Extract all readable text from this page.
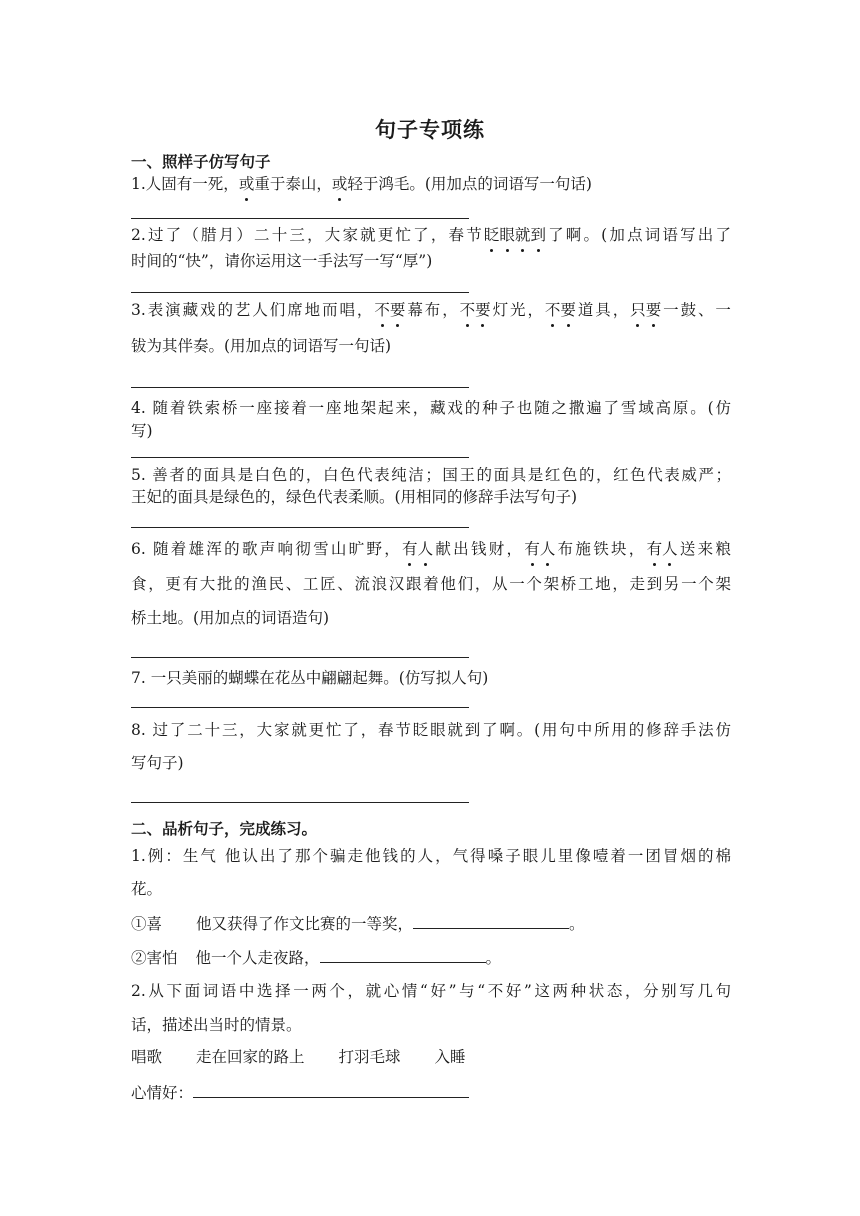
句子专项练
一、照样子仿写句子
1.人固有一死，或重于泰山，或轻于鸿毛。(用加点的词语写一句话)
2.过了（腊月）二十三，大家就更忙了，春节眨眼就到了啊。(加点词语写出了
时间的“快”，请你运用这一手法写一写“厚”)
3.表演藏戏的艺人们席地而唱，不要幕布，不要灯光，不要道具，只要一鼓、一
钹为其伴奏。(用加点的词语写一句话)
4. 随着铁索桥一座接着一座地架起来，藏戏的种子也随之撒遍了雪域高原。(仿
写)
5. 善者的面具是白色的，白色代表纯洁；国王的面具是红色的，红色代表威严；
王妃的面具是绿色的，绿色代表柔顺。(用相同的修辞手法写句子)
6. 随着雄浑的歌声响彻雪山旷野，有人献出钱财，有人布施铁块，有人送来粮
食，更有大批的渔民、工匠、流浪汉跟着他们，从一个架桥工地，走到另一个架
桥土地。(用加点的词语造句)
7. 一只美丽的蝴蝶在花丛中翩翩起舞。(仿写拟人句)
8. 过了二十三，大家就更忙了，春节眨眼就到了啊。(用句中所用的修辞手法仿
写句子)
二、品析句子，完成练习。
1.例：生气 他认出了那个骗走他钱的人，气得嗓子眼儿里像噎着一团冒烟的棉
花。
①喜 他又获得了作文比赛的一等奖，	。
②害怕 他一个人走夜路，	。
2.从下面词语中选择一两个，就心情“好”与“不好”这两种状态，分别写几句
话，描述出当时的情景。
唱歌 走在回家的路上 打羽毛球 入睡
心情好：
